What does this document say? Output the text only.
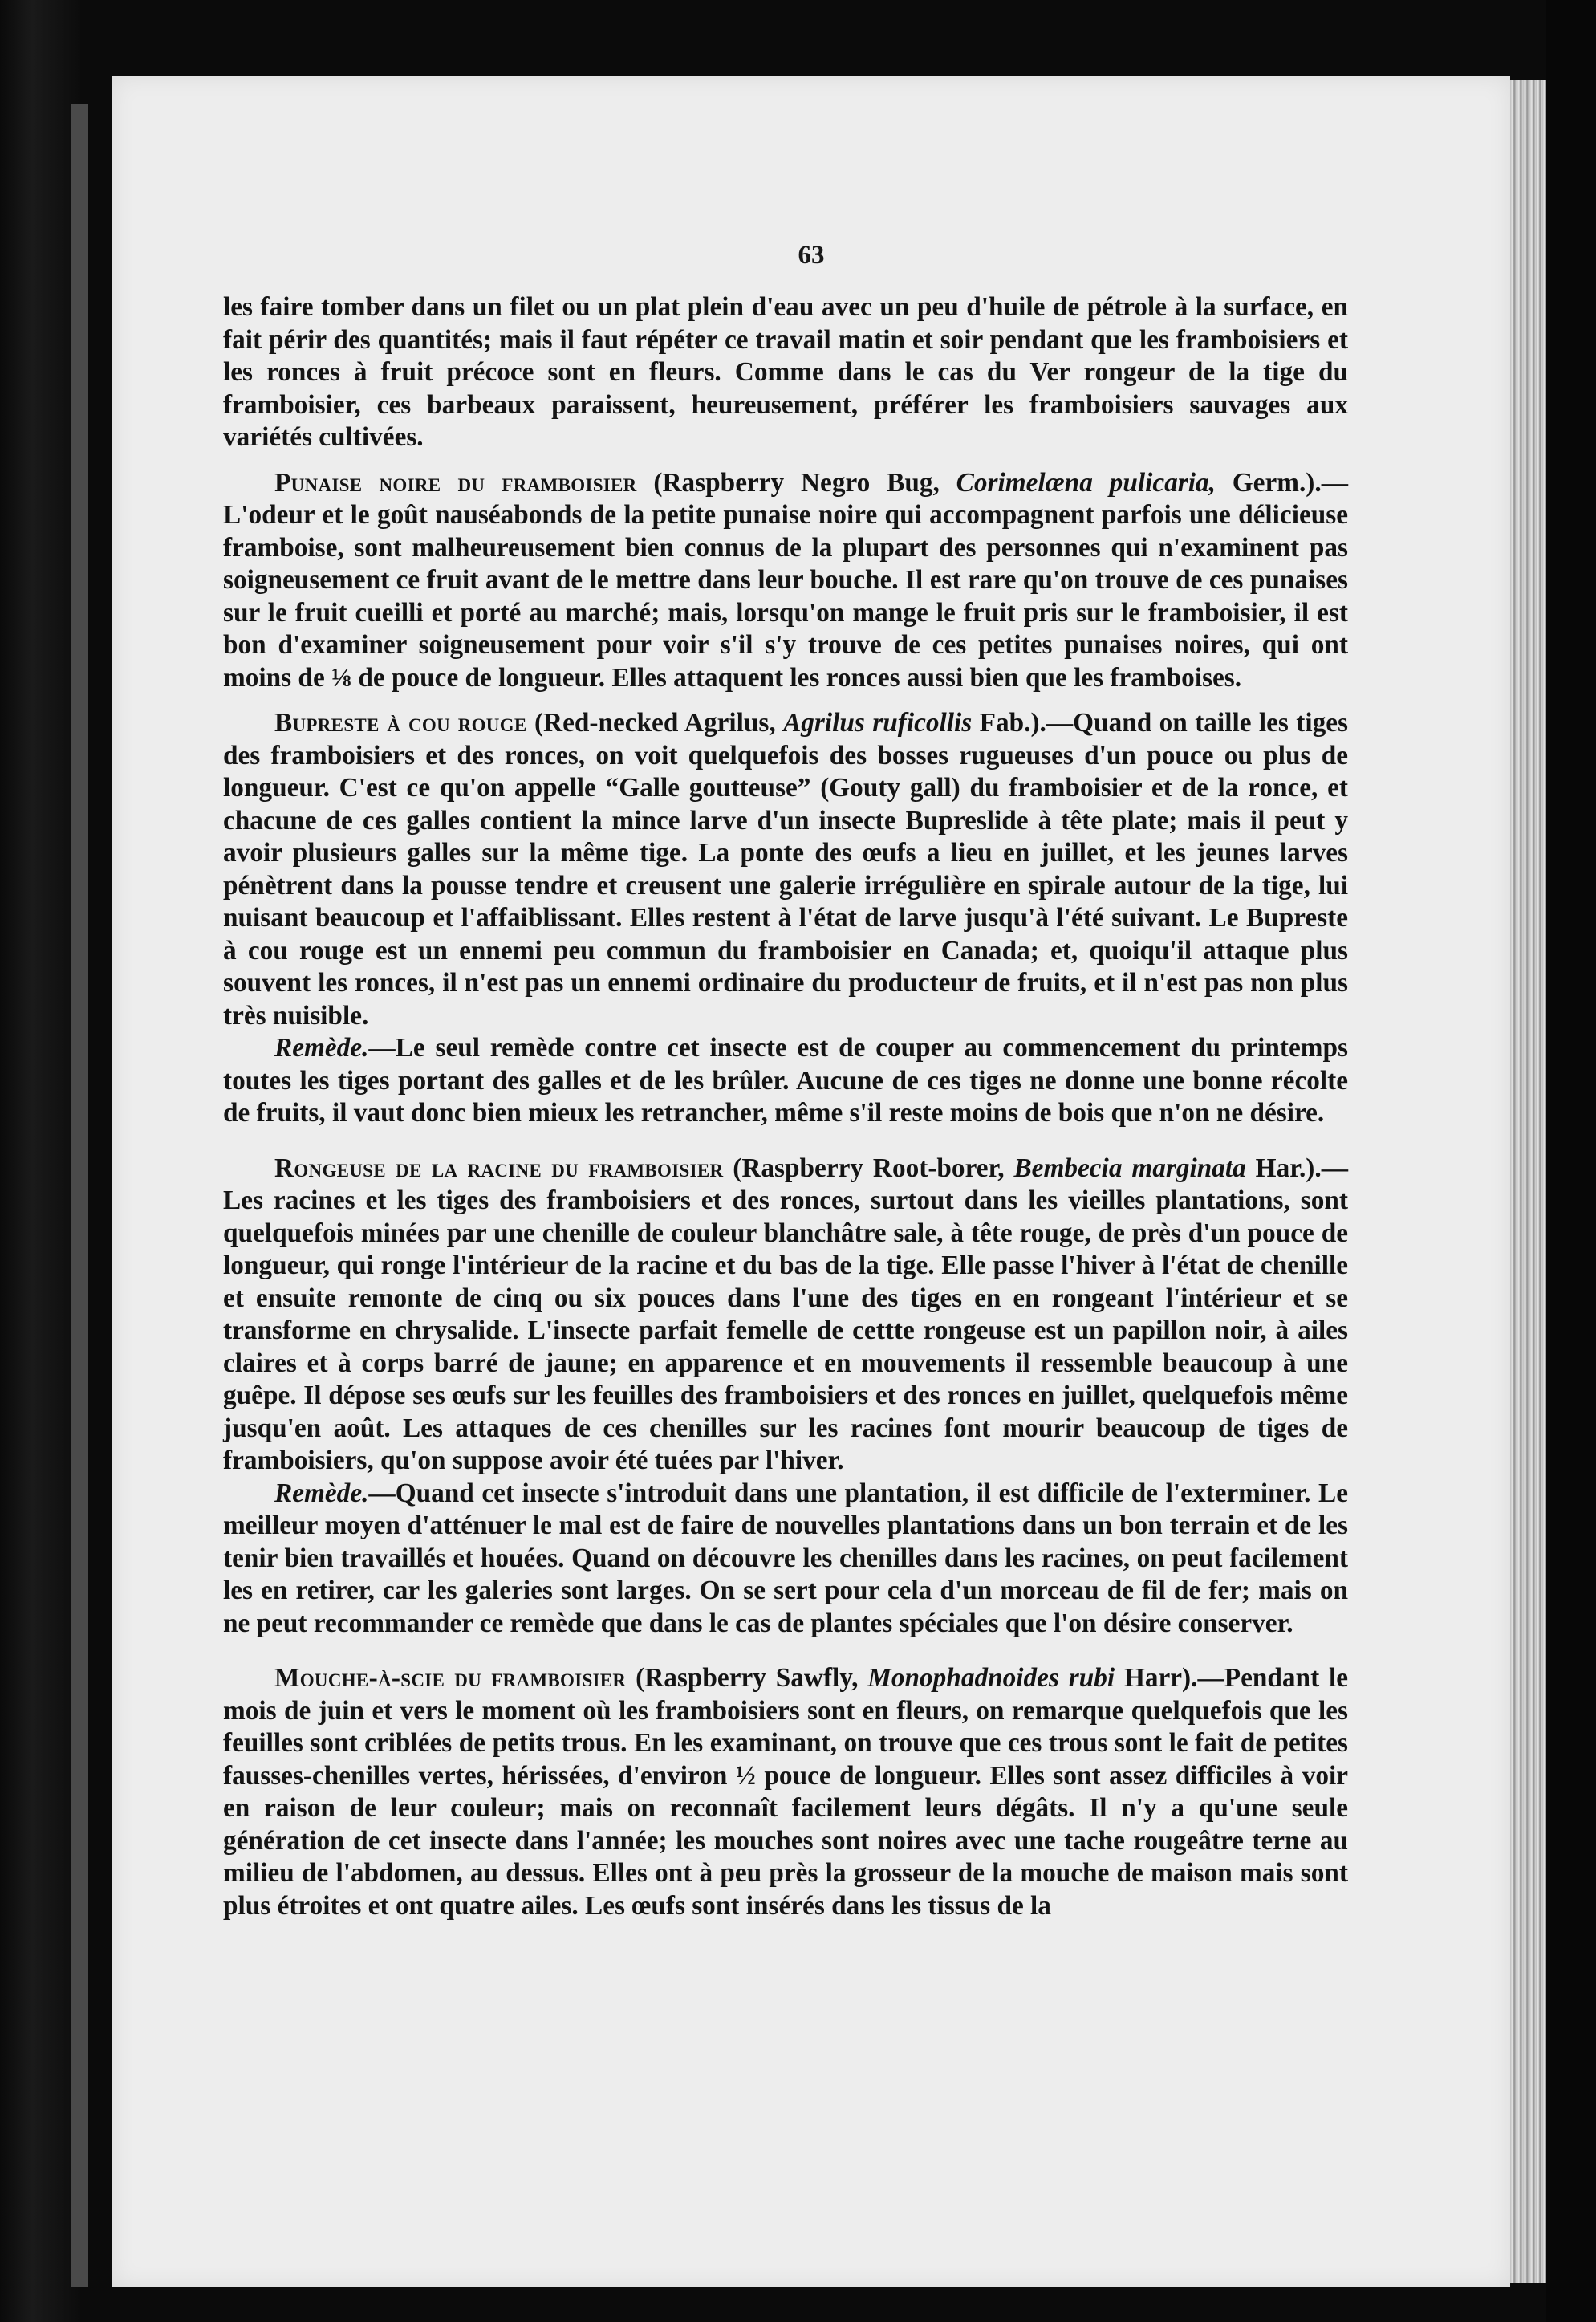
63

les faire tomber dans un filet ou un plat plein d'eau avec un peu d'huile de pétrole à la surface, en fait périr des quantités; mais il faut répéter ce travail matin et soir pendant que les framboisiers et les ronces à fruit précoce sont en fleurs. Comme dans le cas du Ver rongeur de la tige du framboisier, ces barbeaux paraissent, heureusement, préférer les framboisiers sauvages aux variétés cultivées.

Punaise noire du framboisier (Raspberry Negro Bug, Corimelæna pulicaria, Germ.).—L'odeur et le goût nauséabonds de la petite punaise noire qui accompagnent parfois une délicieuse framboise, sont malheureusement bien connus de la plupart des personnes qui n'examinent pas soigneusement ce fruit avant de le mettre dans leur bouche. Il est rare qu'on trouve de ces punaises sur le fruit cueilli et porté au marché; mais, lorsqu'on mange le fruit pris sur le framboisier, il est bon d'examiner soigneusement pour voir s'il s'y trouve de ces petites punaises noires, qui ont moins de ⅛ de pouce de longueur. Elles attaquent les ronces aussi bien que les framboises.

Bupreste à cou rouge (Red-necked Agrilus, Agrilus ruficollis Fab.).—Quand on taille les tiges des framboisiers et des ronces, on voit quelquefois des bosses rugueuses d'un pouce ou plus de longueur. C'est ce qu'on appelle “Galle goutteuse” (Gouty gall) du framboisier et de la ronce, et chacune de ces galles contient la mince larve d'un insecte Bupreslide à tête plate; mais il peut y avoir plusieurs galles sur la même tige. La ponte des œufs a lieu en juillet, et les jeunes larves pénètrent dans la pousse tendre et creusent une galerie irrégulière en spirale autour de la tige, lui nuisant beaucoup et l'affaiblissant. Elles restent à l'état de larve jusqu'à l'été suivant. Le Bupreste à cou rouge est un ennemi peu commun du framboisier en Canada; et, quoiqu'il attaque plus souvent les ronces, il n'est pas un ennemi ordinaire du producteur de fruits, et il n'est pas non plus très nuisible.

Remède.—Le seul remède contre cet insecte est de couper au commencement du printemps toutes les tiges portant des galles et de les brûler. Aucune de ces tiges ne donne une bonne récolte de fruits, il vaut donc bien mieux les retrancher, même s'il reste moins de bois que n'on ne désire.

Rongeuse de la racine du framboisier (Raspberry Root-borer, Bembecia marginata Har.).—Les racines et les tiges des framboisiers et des ronces, surtout dans les vieilles plantations, sont quelquefois minées par une chenille de couleur blanchâtre sale, à tête rouge, de près d'un pouce de longueur, qui ronge l'intérieur de la racine et du bas de la tige. Elle passe l'hiver à l'état de chenille et ensuite remonte de cinq ou six pouces dans l'une des tiges en en rongeant l'intérieur et se transforme en chrysalide. L'insecte parfait femelle de cettte rongeuse est un papillon noir, à ailes claires et à corps barré de jaune; en apparence et en mouvements il ressemble beaucoup à une guêpe. Il dépose ses œufs sur les feuilles des framboisiers et des ronces en juillet, quelquefois même jusqu'en août. Les attaques de ces chenilles sur les racines font mourir beaucoup de tiges de framboisiers, qu'on suppose avoir été tuées par l'hiver.

Remède.—Quand cet insecte s'introduit dans une plantation, il est difficile de l'exterminer. Le meilleur moyen d'atténuer le mal est de faire de nouvelles plantations dans un bon terrain et de les tenir bien travaillés et houées. Quand on découvre les chenilles dans les racines, on peut facilement les en retirer, car les galeries sont larges. On se sert pour cela d'un morceau de fil de fer; mais on ne peut recommander ce remède que dans le cas de plantes spéciales que l'on désire conserver.

Mouche-à-scie du framboisier (Raspberry Sawfly, Monophadnoides rubi Harr).—Pendant le mois de juin et vers le moment où les framboisiers sont en fleurs, on remarque quelquefois que les feuilles sont criblées de petits trous. En les examinant, on trouve que ces trous sont le fait de petites fausses-chenilles vertes, hérissées, d'environ ½ pouce de longueur. Elles sont assez difficiles à voir en raison de leur couleur; mais on reconnaît facilement leurs dégâts. Il n'y a qu'une seule génération de cet insecte dans l'année; les mouches sont noires avec une tache rougeâtre terne au milieu de l'abdomen, au dessus. Elles ont à peu près la grosseur de la mouche de maison mais sont plus étroites et ont quatre ailes. Les œufs sont insérés dans les tissus de la
